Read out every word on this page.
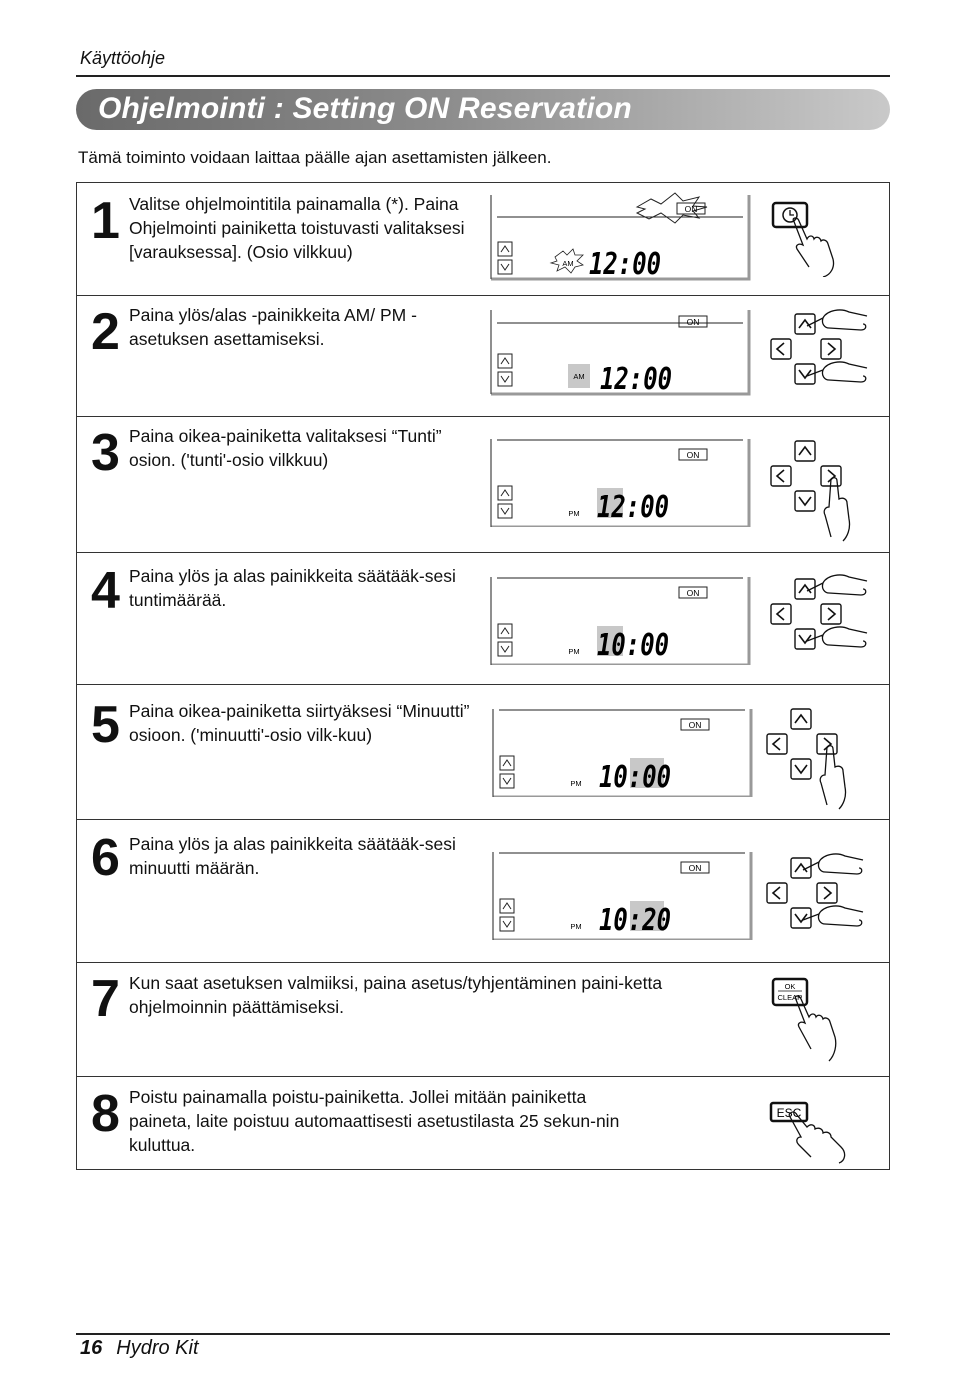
Käyttöohje
Ohjelmointi : Setting ON Reservation
Tämä toiminto voidaan laittaa päälle ajan asettamisten jälkeen.
1 Valitse ohjelmointitila painamalla (*). Paina Ohjelmointi painiketta toistuvasti valitaksesi [varauksessa]. (Osio vilkkuu)
ON
AM 12:00
2 Paina ylös/alas -painikkeita AM/ PM -asetuksen asettamiseksi.
ON
AM 12:00
3 Paina oikea-painiketta valitaksesi “Tunti” osion. ('tunti'-osio vilkkuu)	ON
PM 12:00
4 Paina ylös ja alas painikkeita säätääk-sesi tuntimäärää.	ON
PM 10:00
5 Paina oikea-painiketta siirtyäksesi “Minuutti” osioon. ('minuutti'-osio vilk-kuu)	ON
PM 10:00
6 Paina ylös ja alas painikkeita säätääk-sesi minuutti määrän.	ON
PM 10:20
7 Kun saat asetuksen valmiiksi, paina asetus/tyhjentäminen paini-ketta ohjelmoinnin päättämiseksi.
OK
CLEAR
8 Poistu painamalla poistu-painiketta. Jollei mitään painiketta paineta, laite poistuu automaattisesti asetustilasta 25 sekun-nin kuluttua.
ESC
16 Hydro Kit
